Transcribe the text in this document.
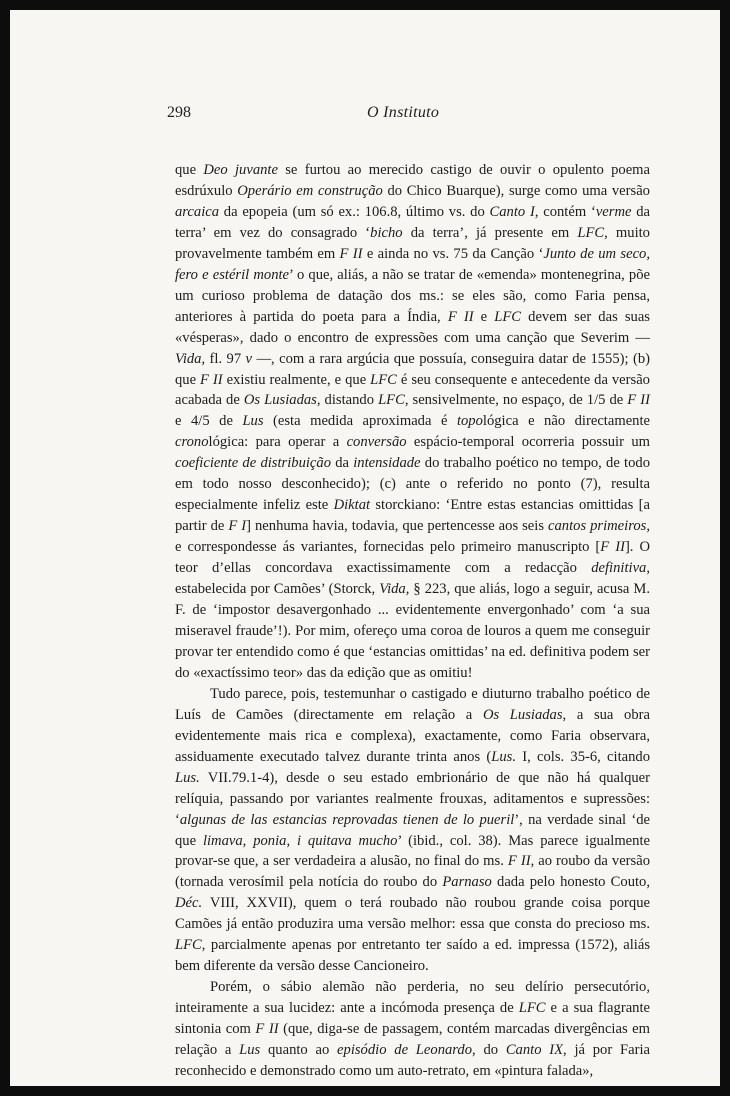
298	O Instituto

que Deo juvante se furtou ao merecido castigo de ouvir o opulento poema esdrúxulo Operário em construção do Chico Buarque), surge como uma versão arcaica da epopeia (um só ex.: 106.8, último vs. do Canto I, contém ‘verme da terra’ em vez do consagrado ‘bicho da terra’, já presente em LFC, muito provavelmente também em F II e ainda no vs. 75 da Canção ‘Junto de um seco, fero e estéril monte’ o que, aliás, a não se tratar de «emenda» montenegrina, põe um curioso problema de datação dos ms.: se eles são, como Faria pensa, anteriores à partida do poeta para a Índia, F II e LFC devem ser das suas «vésperas», dado o encontro de expressões com uma canção que Severim — Vida, fl. 97 v —, com a rara argúcia que possuía, conseguira datar de 1555); (b) que F II existiu realmente, e que LFC é seu consequente e antecedente da versão acabada de Os Lusiadas, distando LFC, sensivelmente, no espaço, de 1/5 de F II e 4/5 de Lus (esta medida aproximada é topológica e não directamente cronológica: para operar a conversão espácio-temporal ocorreria possuir um coeficiente de distribuição da intensidade do trabalho poético no tempo, de todo em todo nosso desconhecido); (c) ante o referido no ponto (7), resulta especialmente infeliz este Diktat storckiano: ‘Entre estas estancias omittidas [a partir de F I] nenhuma havia, todavia, que pertencesse aos seis cantos primeiros, e correspondesse ás variantes, fornecidas pelo primeiro manuscripto [F II]. O teor d’ellas concordava exactissimamente com a redacção definitiva, estabelecida por Camões’ (Storck, Vida, § 223, que aliás, logo a seguir, acusa M. F. de ‘impostor desavergonhado ... evidentemente envergonhado’ com ‘a sua miseravel fraude’!). Por mim, ofereço uma coroa de louros a quem me conseguir provar ter entendido como é que ‘estancias omittidas’ na ed. definitiva podem ser do «exactíssimo teor» das da edição que as omitiu!

Tudo parece, pois, testemunhar o castigado e diuturno trabalho poético de Luís de Camões (directamente em relação a Os Lusiadas, a sua obra evidentemente mais rica e complexa), exactamente, como Faria observara, assiduamente executado talvez durante trinta anos (Lus. I, cols. 35-6, citando Lus. VII.79.1-4), desde o seu estado embrionário de que não há qualquer relíquia, passando por variantes realmente frouxas, aditamentos e supressões: ‘algunas de las estancias reprovadas tienen de lo pueril’, na verdade sinal ‘de que limava, ponia, i quitava mucho’ (ibid., col. 38). Mas parece igualmente provar-se que, a ser verdadeira a alusão, no final do ms. F II, ao roubo da versão (tornada verosímil pela notícia do roubo do Parnaso dada pelo honesto Couto, Déc. VIII, XXVII), quem o terá roubado não roubou grande coisa porque Camões já então produzira uma versão melhor: essa que consta do precioso ms. LFC, parcialmente apenas por entretanto ter saído a ed. impressa (1572), aliás bem diferente da versão desse Cancioneiro.

Porém, o sábio alemão não perderia, no seu delírio persecutório, inteiramente a sua lucidez: ante a incómoda presença de LFC e a sua flagrante sintonia com F II (que, diga-se de passagem, contém marcadas divergências em relação a Lus quanto ao episódio de Leonardo, do Canto IX, já por Faria reconhecido e demonstrado como um auto-retrato, em «pintura falada»,
